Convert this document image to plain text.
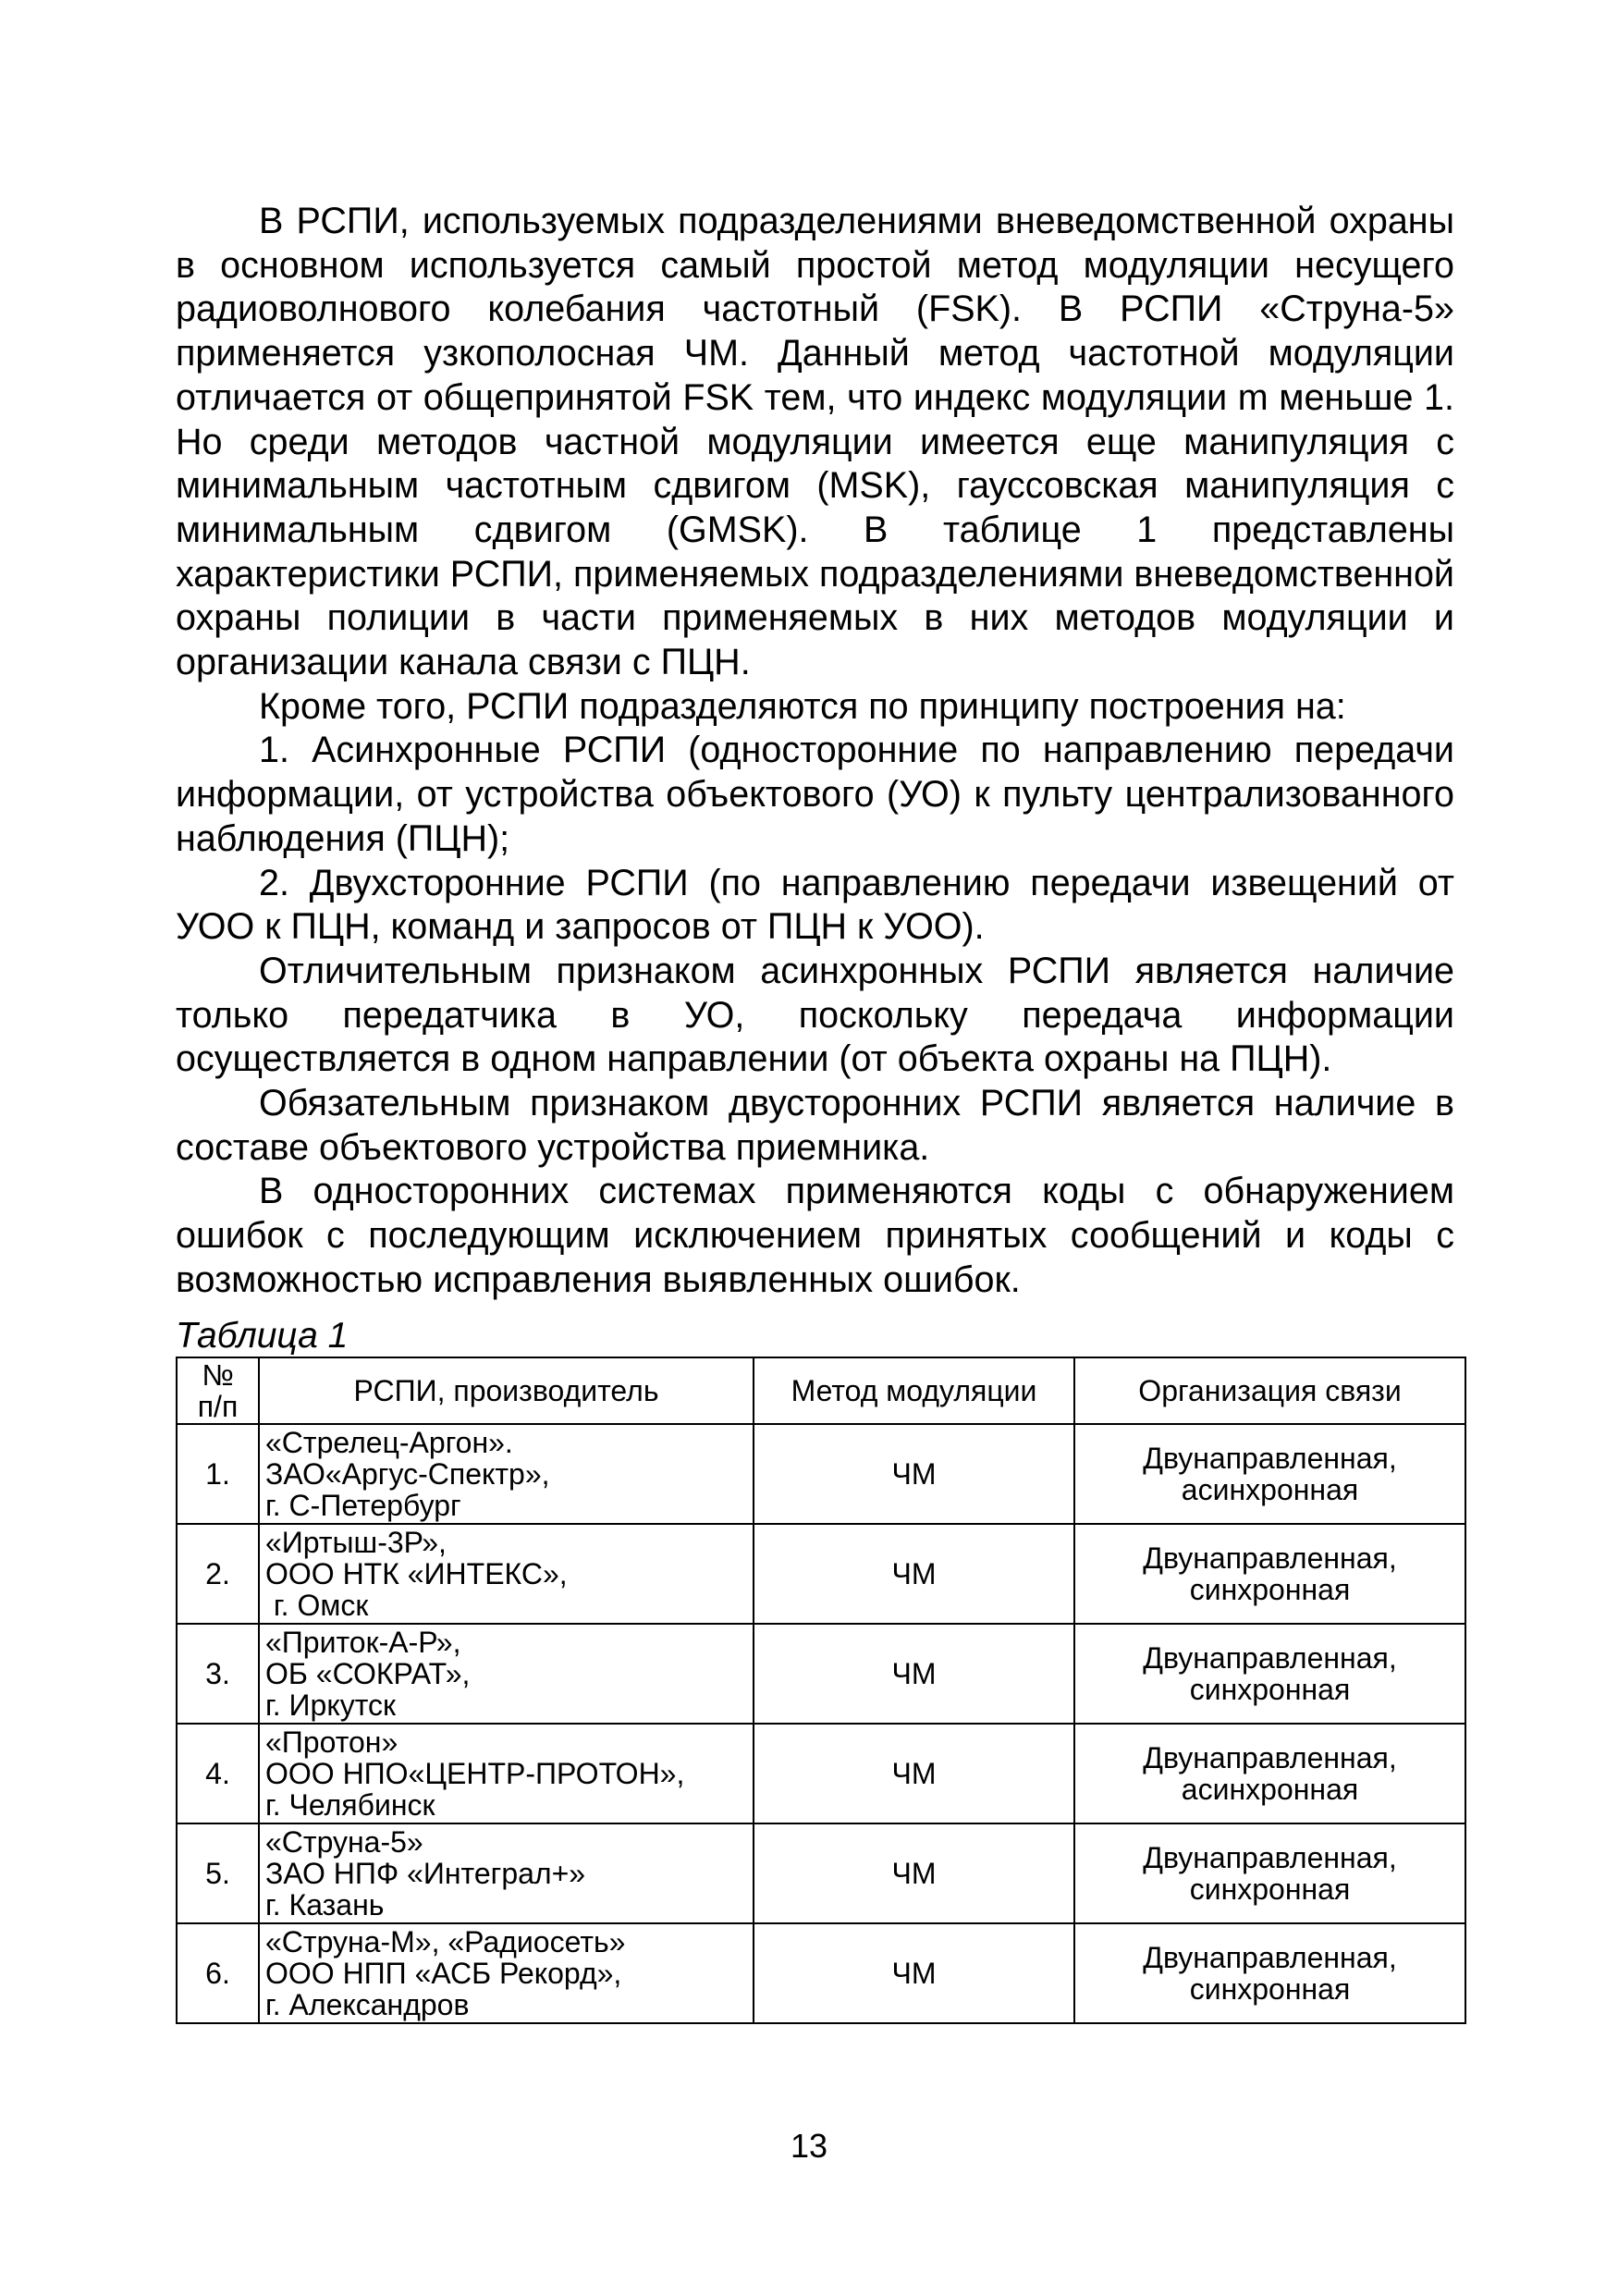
В РСПИ, используемых подразделениями вневедомственной охраны в основном используется самый простой метод модуляции несущего радиоволнового колебания частотный (FSK). В РСПИ «Струна-5» применяется узкополосная ЧМ. Данный метод частотной модуляции отличается от общепринятой FSK тем, что индекс модуляции m меньше 1. Но среди методов частной модуляции имеется еще манипуляция с минимальным частотным сдвигом (MSK), гауссовская манипуляция с минимальным сдвигом (GMSK). В таблице 1 представлены характеристики РСПИ, применяемых подразделениями вневедомственной охраны полиции в части применяемых в них методов модуляции и организации канала связи с ПЦН.

Кроме того, РСПИ подразделяются по принципу построения на:

1. Асинхронные РСПИ (односторонние по направлению передачи информации, от устройства объектового (УО) к пульту централизованного наблюдения (ПЦН);

2. Двухсторонние РСПИ (по направлению передачи извещений от УОО к ПЦН, команд и запросов от ПЦН к УОО).

Отличительным признаком асинхронных РСПИ является наличие только передатчика в УО, поскольку передача информации осуществляется в одном направлении (от объекта охраны на ПЦН).

Обязательным признаком двусторонних РСПИ является наличие в составе объектового устройства приемника.

В односторонних системах применяются коды с обнаружением ошибок с последующим исключением принятых сообщений и коды с возможностью исправления выявленных ошибок.

Таблица 1
№
п/п	РСПИ, производитель	Метод модуляции	Организация связи
1.	«Стрелец-Аргон».
ЗАО«Аргус-Спектр»,
г. С-Петербург	ЧМ	Двунаправленная,
асинхронная

2.	«Иртыш-3Р»,
ООО НТК «ИНТЕКС»,
г. Омск	ЧМ	Двунаправленная,
синхронная

3.	«Приток-А-Р»,
ОБ «СОКРАТ»,
г. Иркутск	ЧМ	Двунаправленная,
синхронная

4.	«Протон»
ООО НПО«ЦЕНТР-ПРОТОН»,
г. Челябинск	ЧМ	Двунаправленная,
асинхронная

5.	«Струна-5»
ЗАО НПФ «Интеграл+»
г. Казань	ЧМ	Двунаправленная,
синхронная

6.	«Струна-М», «Радиосеть»
ООО НПП «АСБ Рекорд»,
г. Александров	ЧМ	Двунаправленная,
синхронная
13
